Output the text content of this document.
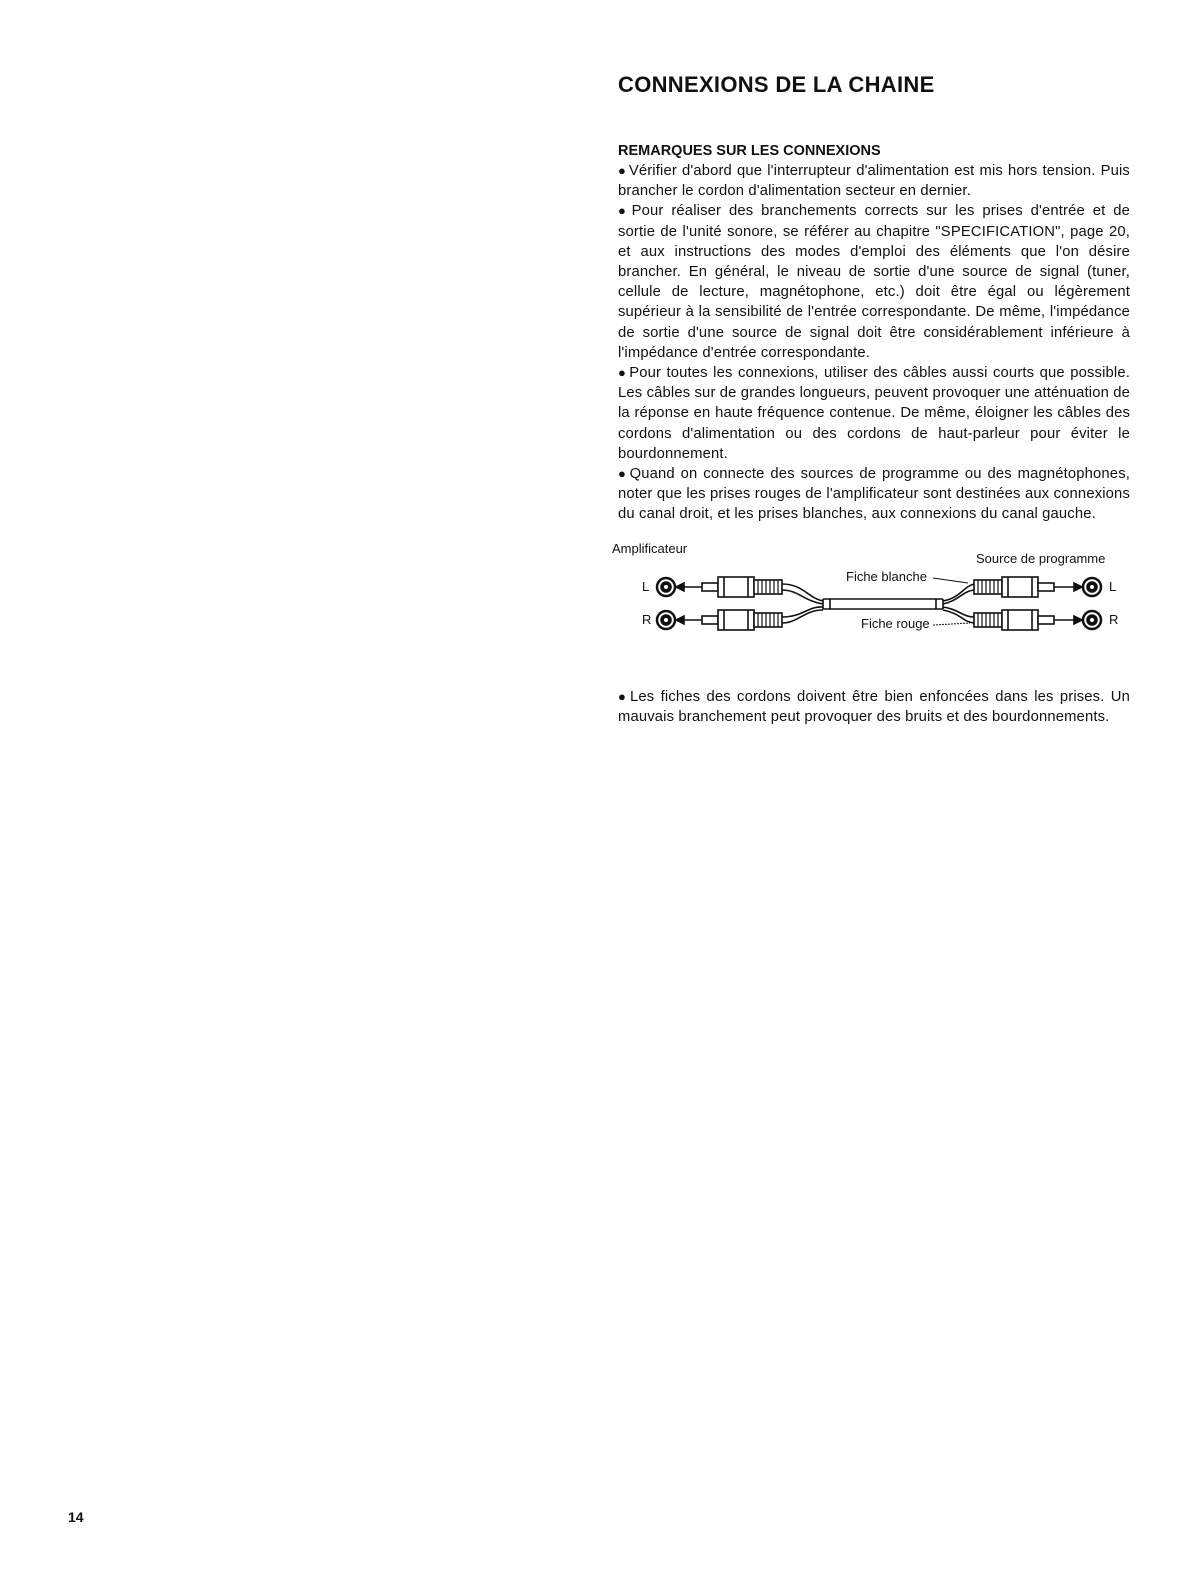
CONNEXIONS DE LA CHAINE
REMARQUES SUR LES CONNEXIONS

● Vérifier d'abord que l'interrupteur d'alimentation est mis hors tension. Puis brancher le cordon d'alimentation secteur en dernier.

● Pour réaliser des branchements corrects sur les prises d'entrée et de sortie de l'unité sonore, se référer au chapitre "SPECIFICATION", page 20, et aux instructions des modes d'emploi des éléments que l'on désire brancher. En général, le niveau de sortie d'une source de signal (tuner, cellule de lecture, magnétophone, etc.) doit être égal ou légèrement supérieur à la sensibilité de l'entrée correspondante. De même, l'impédance de sortie d'une source de signal doit être considérablement inférieure à l'impédance d'entrée correspondante.

● Pour toutes les connexions, utiliser des câbles aussi courts que possible. Les câbles sur de grandes longueurs, peuvent provoquer une atténuation de la réponse en haute fréquence contenue. De même, éloigner les câbles des cordons d'alimentation ou des cordons de haut-parleur pour éviter le bourdonnement.

● Quand on connecte des sources de programme ou des magnétophones, noter que les prises rouges de l'amplificateur sont destinées aux connexions du canal droit, et les prises blanches, aux connexions du canal gauche.

Amplificateur
Source de programme
Fiche blanche
Fiche rouge
L
R
L
R

● Les fiches des cordons doivent être bien enfoncées dans les prises. Un mauvais branchement peut provoquer des bruits et des bourdonnements.

14
